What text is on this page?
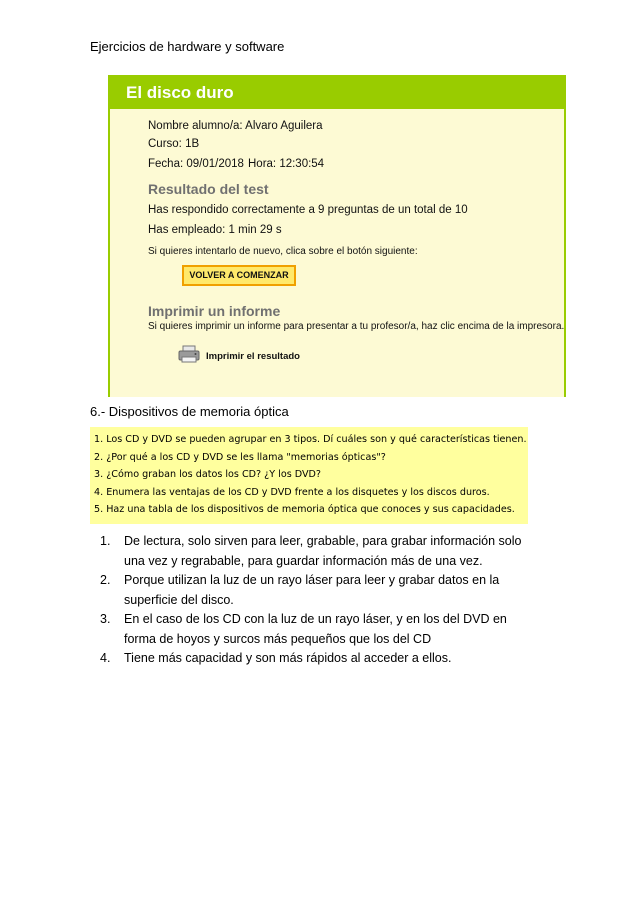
Ejercicios de hardware y software
El disco duro
Nombre alumno/a: Alvaro Aguilera
Curso: 1B
Fecha: 09/01/2018 Hora: 12:30:54
Resultado del test
Has respondido correctamente a 9 preguntas de un total de 10
Has empleado: 1 min 29 s
Si quieres intentarlo de nuevo, clica sobre el botón siguiente:
VOLVER A COMENZAR
Imprimir un informe
Si quieres imprimir un informe para presentar a tu profesor/a, haz clic encima de la impresora.
Imprimir el resultado
6.- Dispositivos de memoria óptica
1. Los CD y DVD se pueden agrupar en 3 tipos. Dí cuáles son y qué características tienen.
2. ¿Por qué a los CD y DVD se les llama "memorias ópticas"?
3. ¿Cómo graban los datos los CD? ¿Y los DVD?
4. Enumera las ventajas de los CD y DVD frente a los disquetes y los discos duros.
5. Haz una tabla de los dispositivos de memoria óptica que conoces y sus capacidades.
1. De lectura, solo sirven para leer, grabable, para grabar información solo una vez y regrabable, para guardar información más de una vez.
2. Porque utilizan la luz de un rayo láser para leer y grabar datos en la superficie del disco.
3. En el caso de los CD con la luz de un rayo láser, y en los del DVD en forma de hoyos y surcos más pequeños que los del CD
4. Tiene más capacidad y son más rápidos al acceder a ellos.
